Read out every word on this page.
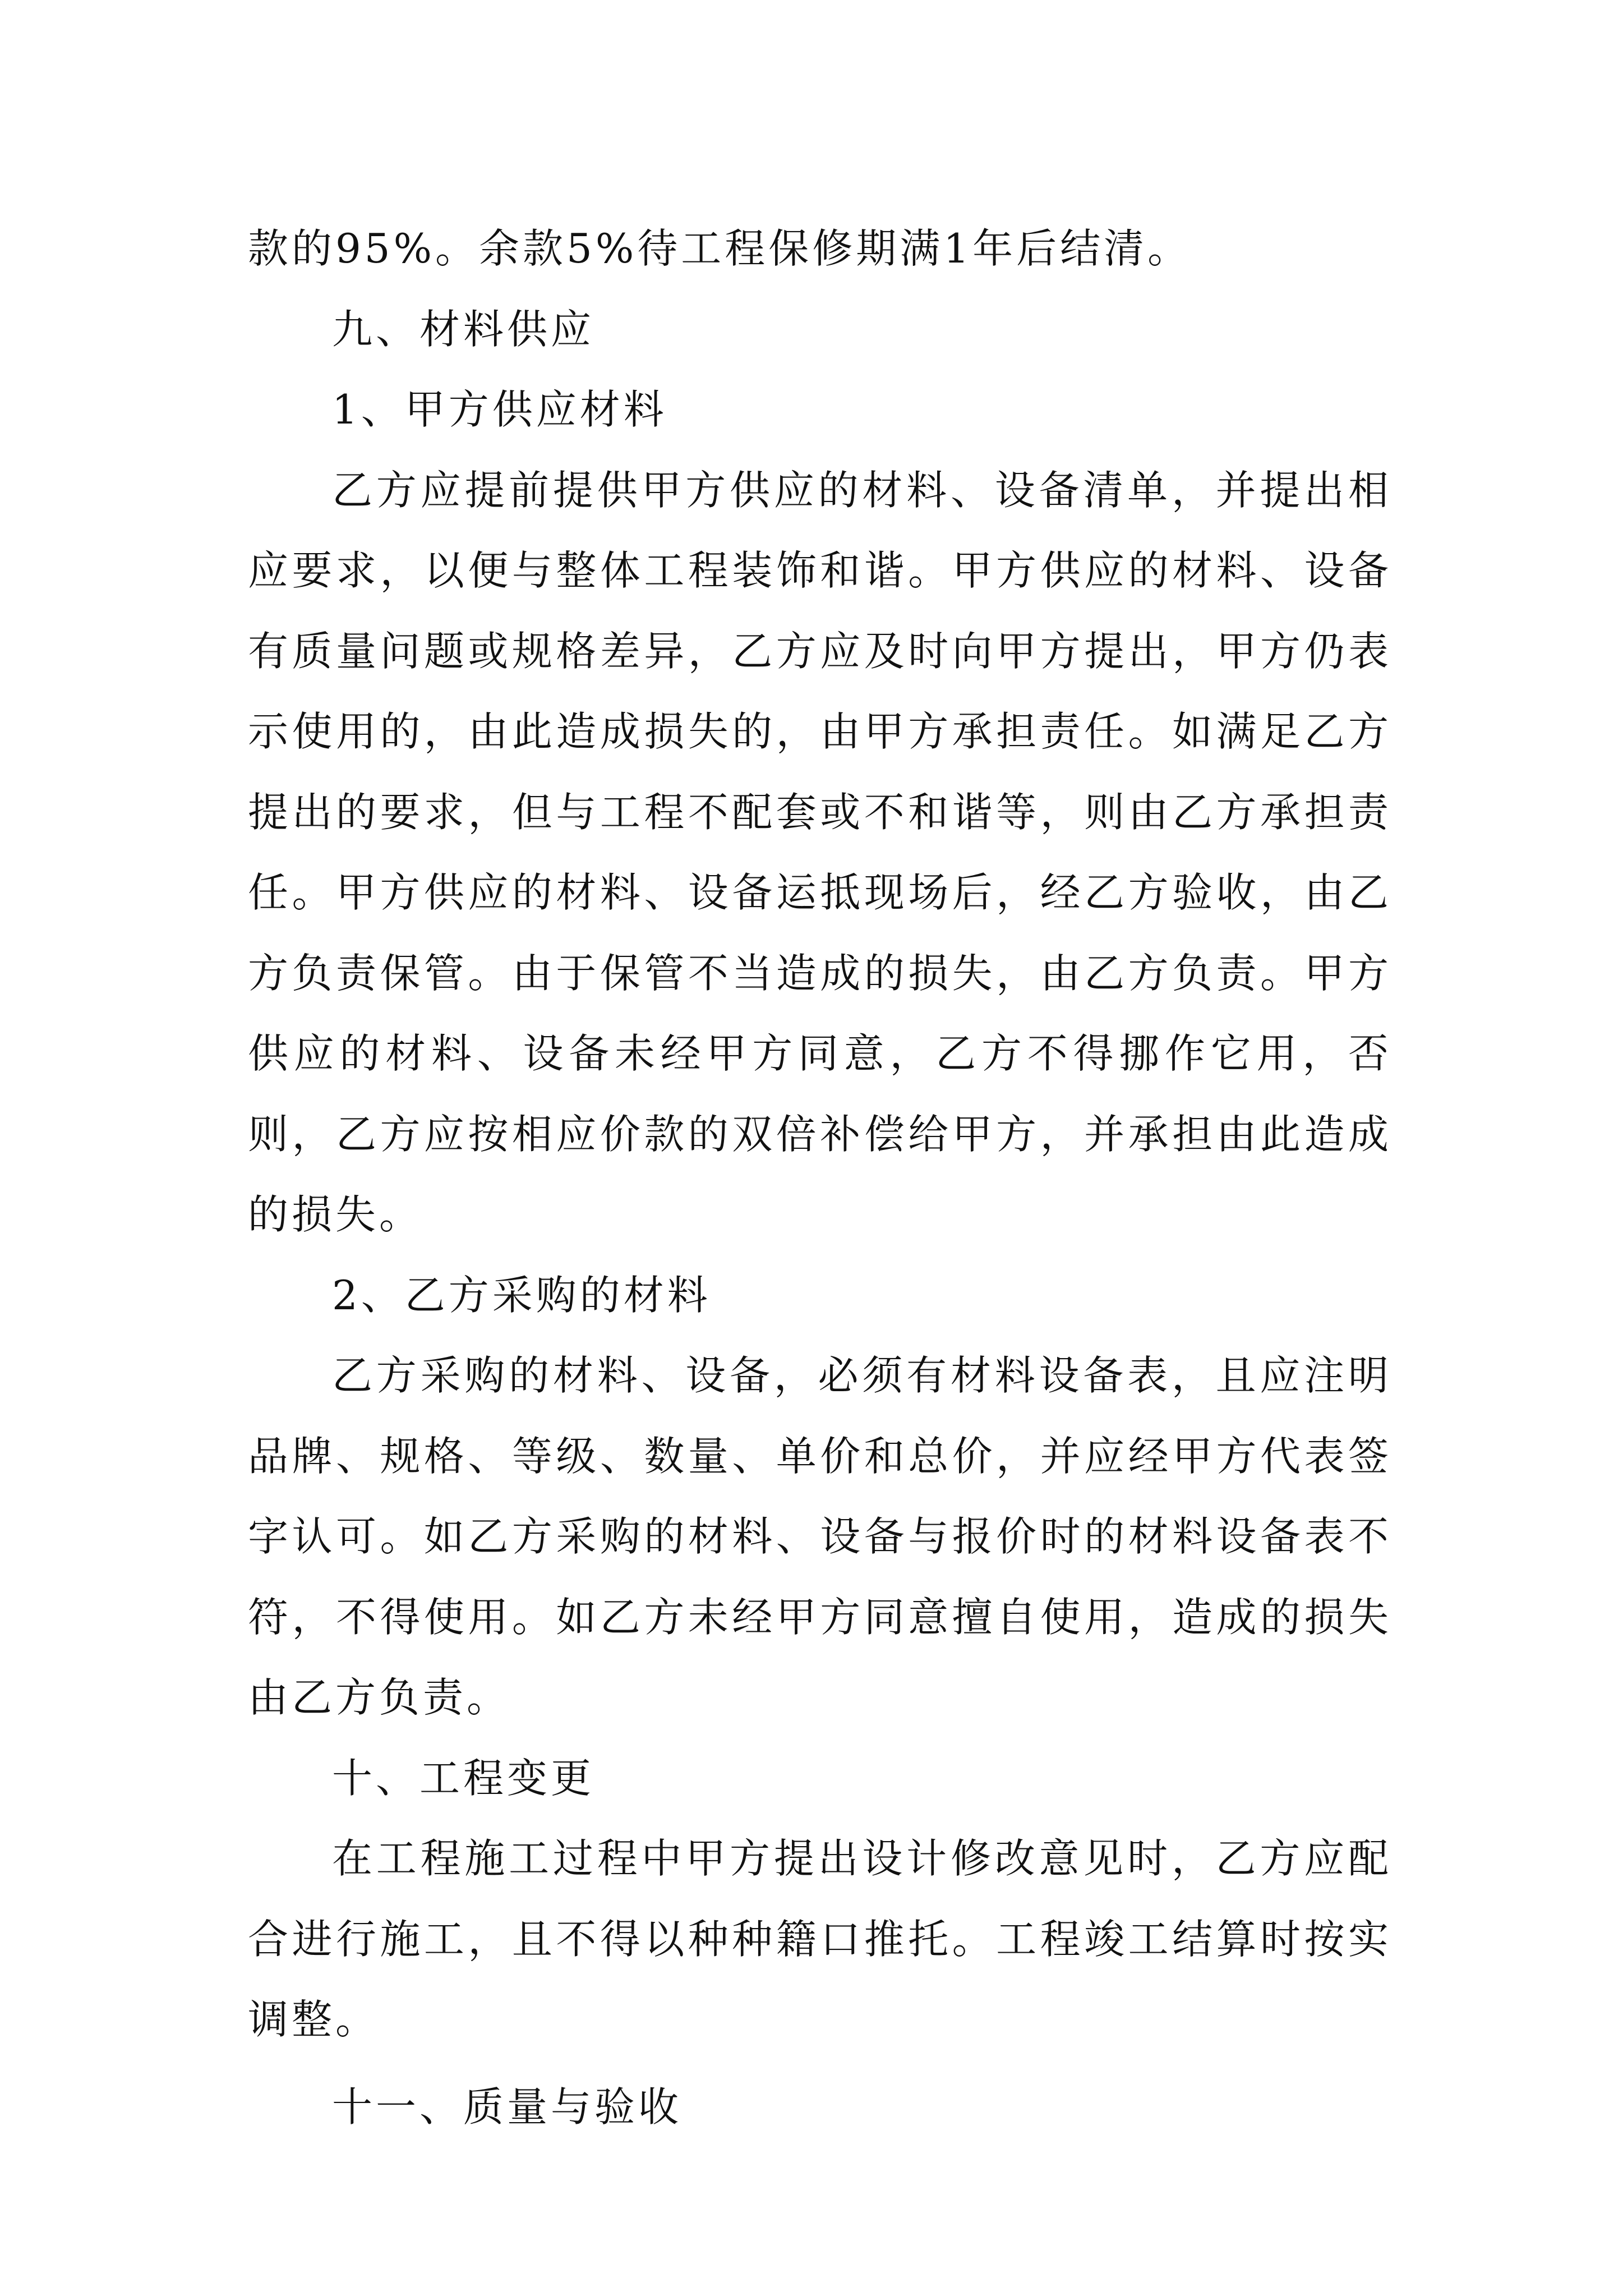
款的95%。余款5%待工程保修期满1年后结清。

九、材料供应

1、甲方供应材料

乙方应提前提供甲方供应的材料、设备清单，并提出相应要求，以便与整体工程装饰和谐。甲方供应的材料、设备有质量问题或规格差异，乙方应及时向甲方提出，甲方仍表示使用的，由此造成损失的，由甲方承担责任。如满足乙方提出的要求，但与工程不配套或不和谐等，则由乙方承担责任。甲方供应的材料、设备运抵现场后，经乙方验收，由乙方负责保管。由于保管不当造成的损失，由乙方负责。甲方供应的材料、设备未经甲方同意，乙方不得挪作它用，否则，乙方应按相应价款的双倍补偿给甲方，并承担由此造成的损失。

2、乙方采购的材料

乙方采购的材料、设备，必须有材料设备表，且应注明品牌、规格、等级、数量、单价和总价，并应经甲方代表签字认可。如乙方采购的材料、设备与报价时的材料设备表不符，不得使用。如乙方未经甲方同意擅自使用，造成的损失由乙方负责。

十、工程变更

在工程施工过程中甲方提出设计修改意见时，乙方应配合进行施工，且不得以种种籍口推托。工程竣工结算时按实调整。

十一、质量与验收
